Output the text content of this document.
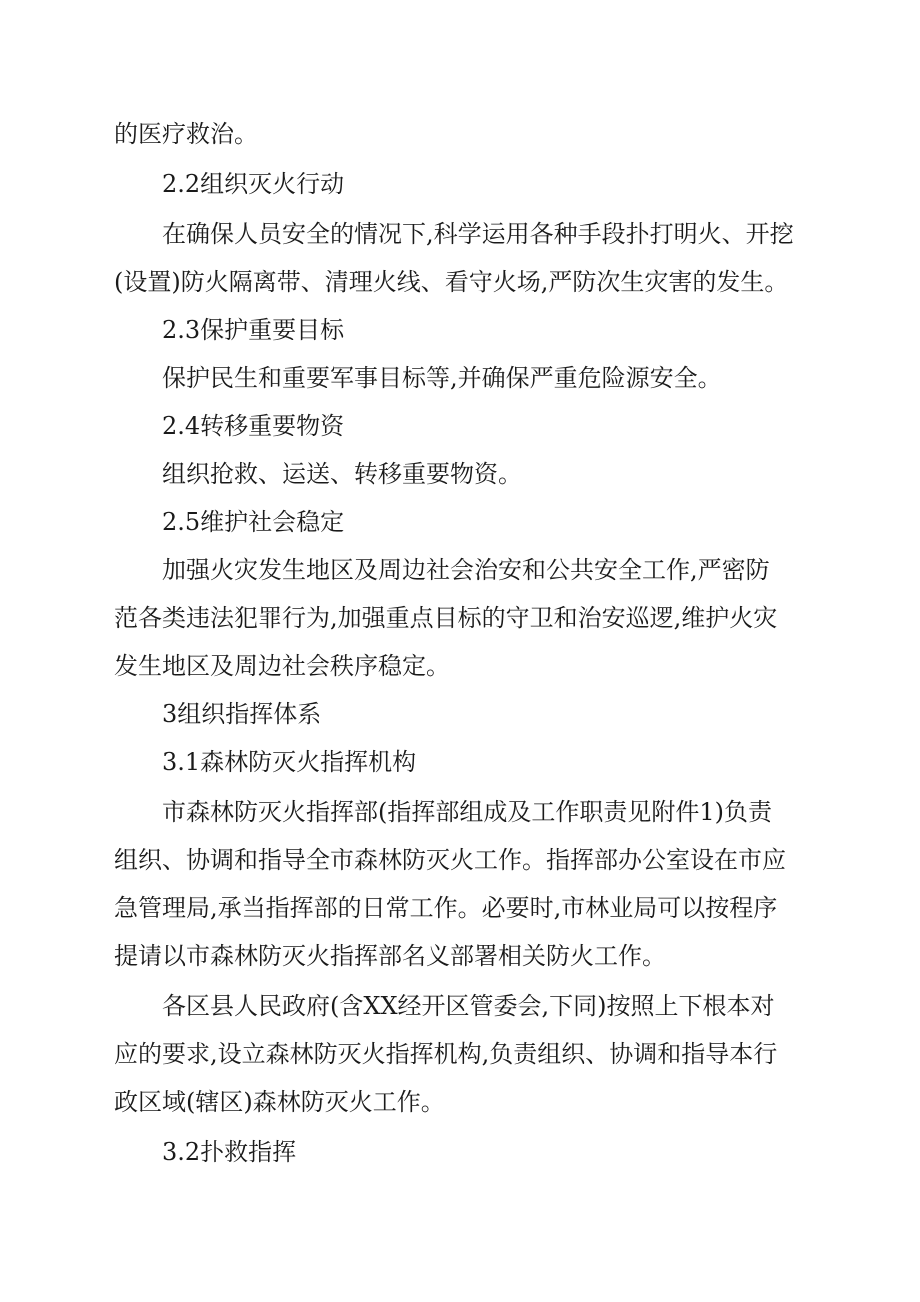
的医疗救治。
2.2组织灭火行动
在确保人员安全的情况下,科学运用各种手段扑打明火、开挖
(设置)防火隔离带、清理火线、看守火场,严防次生灾害的发生。
2.3保护重要目标
保护民生和重要军事目标等,并确保严重危险源安全。
2.4转移重要物资
组织抢救、运送、转移重要物资。
2.5维护社会稳定
加强火灾发生地区及周边社会治安和公共安全工作,严密防
范各类违法犯罪行为,加强重点目标的守卫和治安巡逻,维护火灾
发生地区及周边社会秩序稳定。
3组织指挥体系
3.1森林防灭火指挥机构
市森林防灭火指挥部(指挥部组成及工作职责见附件1)负责
组织、协调和指导全市森林防灭火工作。指挥部办公室设在市应
急管理局,承当指挥部的日常工作。必要时,市林业局可以按程序
提请以市森林防灭火指挥部名义部署相关防火工作。
各区县人民政府(含XX经开区管委会,下同)按照上下根本对
应的要求,设立森林防灭火指挥机构,负责组织、协调和指导本行
政区域(辖区)森林防灭火工作。
3.2扑救指挥
